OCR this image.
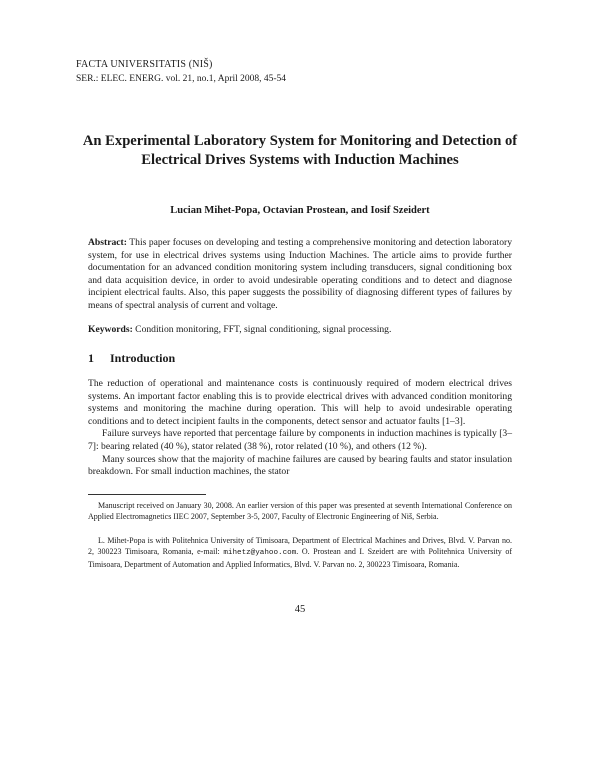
FACTA UNIVERSITATIS (NIŠ)
SER.: ELEC. ENERG. vol. 21, no.1, April 2008, 45-54
An Experimental Laboratory System for Monitoring and Detection of Electrical Drives Systems with Induction Machines
Lucian Mihet-Popa, Octavian Prostean, and Iosif Szeidert
Abstract: This paper focuses on developing and testing a comprehensive monitoring and detection laboratory system, for use in electrical drives systems using Induction Machines. The article aims to provide further documentation for an advanced condition monitoring system including transducers, signal conditioning box and data acquisition device, in order to avoid undesirable operating conditions and to detect and diagnose incipient electrical faults. Also, this paper suggests the possibility of diagnosing different types of failures by means of spectral analysis of current and voltage.
Keywords: Condition monitoring, FFT, signal conditioning, signal processing.
1 Introduction

The reduction of operational and maintenance costs is continuously required of modern electrical drives systems. An important factor enabling this is to provide electrical drives with advanced condition monitoring systems and monitoring the machine during operation. This will help to avoid undesirable operating conditions and to detect incipient faults in the components, detect sensor and actuator faults [1–3].

Failure surveys have reported that percentage failure by components in induction machines is typically [3–7]: bearing related (40 %), stator related (38 %), rotor related (10 %), and others (12 %).

Many sources show that the majority of machine failures are caused by bearing faults and stator insulation breakdown. For small induction machines, the stator

Manuscript received on January 30, 2008. An earlier version of this paper was presented at seventh International Conference on Applied Electromagnetics IIEC 2007, September 3-5, 2007, Faculty of Electronic Engineering of Niš, Serbia.

L. Mihet-Popa is with Politehnica University of Timisoara, Department of Electrical Machines and Drives, Blvd. V. Parvan no. 2, 300223 Timisoara, Romania, e-mail: mihetz@yahoo.com. O. Prostean and I. Szeidert are with Politehnica University of Timisoara, Department of Automation and Applied Informatics, Blvd. V. Parvan no. 2, 300223 Timisoara, Romania.

45
